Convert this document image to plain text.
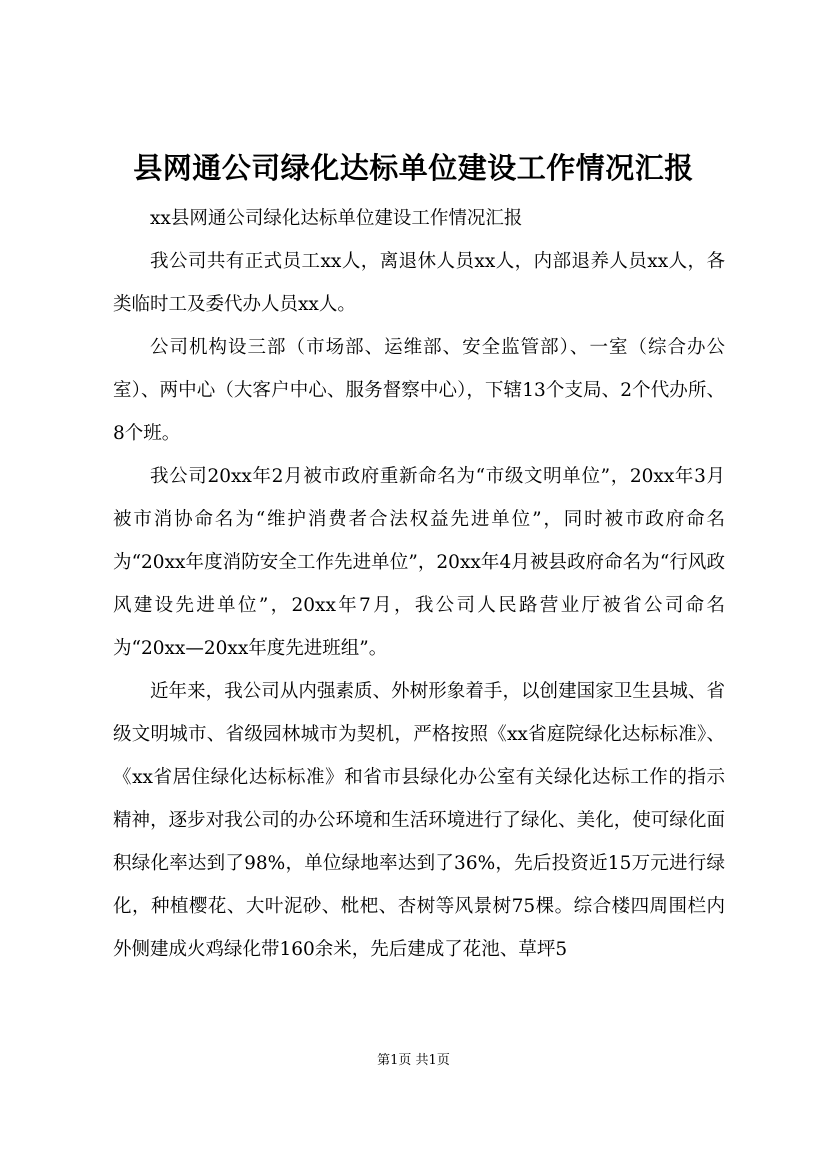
县网通公司绿化达标单位建设工作情况汇报

xx县网通公司绿化达标单位建设工作情况汇报

我公司共有正式员工xx人，离退休人员xx人，内部退养人员xx人，各类临时工及委代办人员xx人。

公司机构设三部（市场部、运维部、安全监管部）、一室（综合办公室）、两中心（大客户中心、服务督察中心），下辖13个支局、2个代办所、8个班。

我公司20xx年2月被市政府重新命名为“市级文明单位”，20xx年3月被市消协命名为“维护消费者合法权益先进单位”，同时被市政府命名为“20xx年度消防安全工作先进单位”，20xx年4月被县政府命名为“行风政风建设先进单位”，20xx年7月，我公司人民路营业厅被省公司命名为“20xx—20xx年度先进班组”。

近年来，我公司从内强素质、外树形象着手，以创建国家卫生县城、省级文明城市、省级园林城市为契机，严格按照《xx省庭院绿化达标标准》、《xx省居住绿化达标标准》和省市县绿化办公室有关绿化达标工作的指示精神，逐步对我公司的办公环境和生活环境进行了绿化、美化，使可绿化面积绿化率达到了98%，单位绿地率达到了36%，先后投资近15万元进行绿化，种植樱花、大叶泥砂、枇杷、杏树等风景树75棵。综合楼四周围栏内外侧建成火鸡绿化带160余米，先后建成了花池、草坪5

第1页 共1页
